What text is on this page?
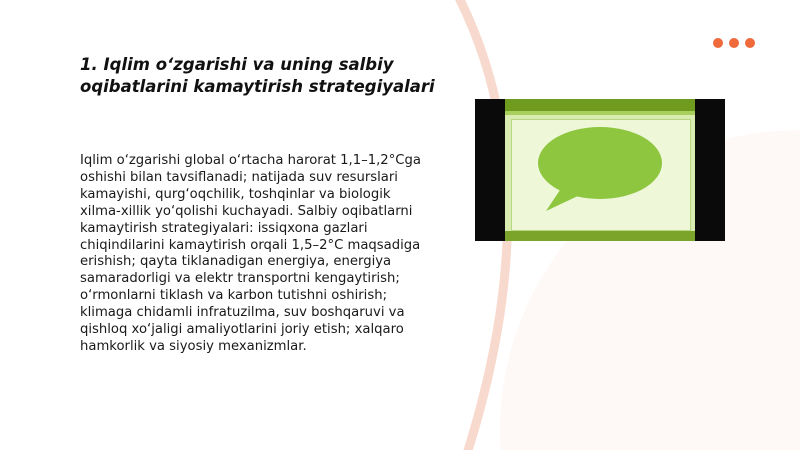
1. Iqlim o‘zgarishi va uning salbiy oqibatlarini kamaytirish strategiyalari

Iqlim o‘zgarishi global o‘rtacha harorat 1,1–1,2°Cga oshishi bilan tavsiflanadi; natijada suv resurslari kamayishi, qurg‘oqchilik, toshqinlar va biologik xilma-xillik yo‘qolishi kuchayadi. Salbiy oqibatlarni kamaytirish strategiyalari: issiqxona gazlari chiqindilarini kamaytirish orqali 1,5–2°C maqsadiga erishish; qayta tiklanadigan energiya, energiya samaradorligi va elektr transportni kengaytirish; o‘rmonlarni tiklash va karbon tutishni oshirish; klimaga chidamli infratuzilma, suv boshqaruvi va qishloq xo‘jaligi amaliyotlarini joriy etish; xalqaro hamkorlik va siyosiy mexanizmlar.
